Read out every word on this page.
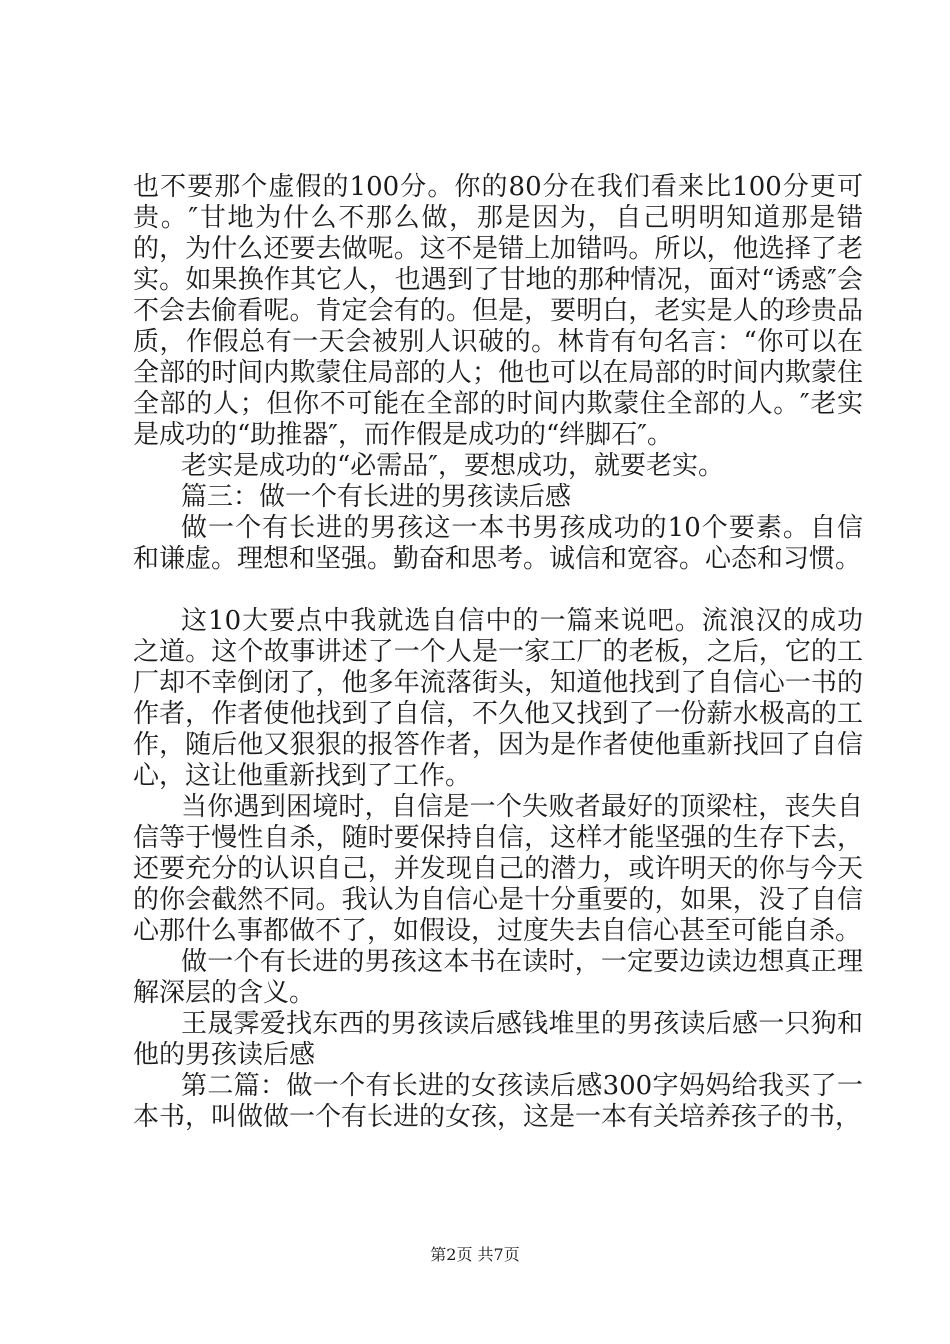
也不要那个虚假的100分。你的80分在我们看来比100分更可贵。″甘地为什么不那么做，那是因为，自己明明知道那是错的，为什么还要去做呢。这不是错上加错吗。所以，他选择了老实。如果换作其它人，也遇到了甘地的那种情况，面对“诱惑″会不会去偷看呢。肯定会有的。但是，要明白，老实是人的珍贵品质，作假总有一天会被别人识破的。林肯有句名言：“你可以在全部的时间内欺蒙住局部的人；他也可以在局部的时间内欺蒙住全部的人；但你不可能在全部的时间内欺蒙住全部的人。″老实是成功的“助推器″，而作假是成功的“绊脚石″。

老实是成功的“必需品″，要想成功，就要老实。

篇三：做一个有长进的男孩读后感

做一个有长进的男孩这一本书男孩成功的10个要素。自信和谦虚。理想和坚强。勤奋和思考。诚信和宽容。心态和习惯。

这10大要点中我就选自信中的一篇来说吧。流浪汉的成功之道。这个故事讲述了一个人是一家工厂的老板，之后，它的工厂却不幸倒闭了，他多年流落街头，知道他找到了自信心一书的作者，作者使他找到了自信，不久他又找到了一份薪水极高的工作，随后他又狠狠的报答作者，因为是作者使他重新找回了自信心，这让他重新找到了工作。

当你遇到困境时，自信是一个失败者最好的顶梁柱，丧失自信等于慢性自杀，随时要保持自信，这样才能坚强的生存下去，还要充分的认识自己，并发现自己的潜力，或许明天的你与今天的你会截然不同。我认为自信心是十分重要的，如果，没了自信心那什么事都做不了，如假设，过度失去自信心甚至可能自杀。

做一个有长进的男孩这本书在读时，一定要边读边想真正理解深层的含义。

王晟霁爱找东西的男孩读后感钱堆里的男孩读后感一只狗和他的男孩读后感

第二篇：做一个有长进的女孩读后感300字妈妈给我买了一本书，叫做做一个有长进的女孩，这是一本有关培养孩子的书，

第2页 共7页
